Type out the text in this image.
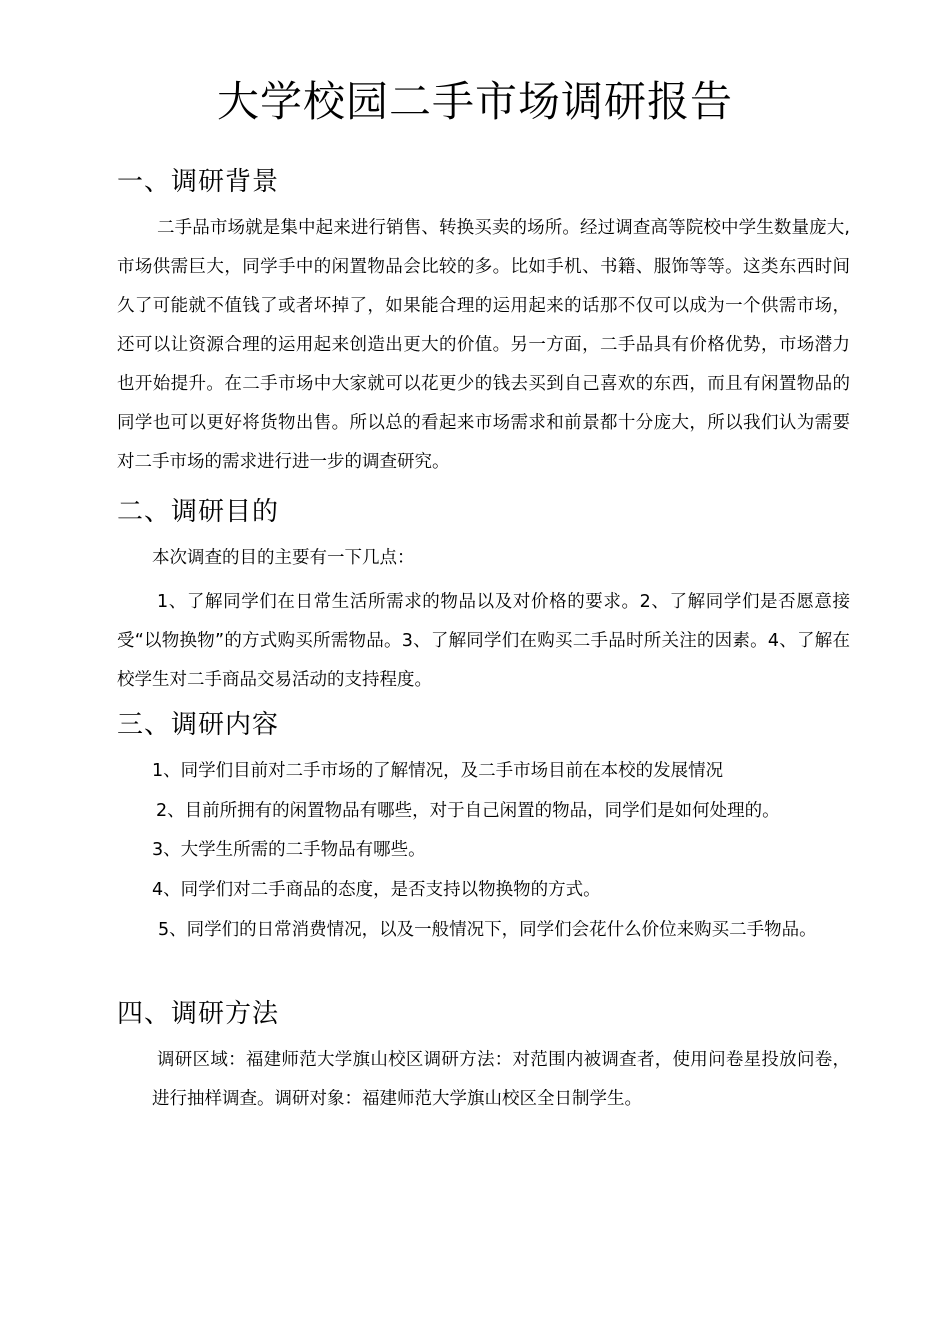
大学校园二手市场调研报告
一、调研背景

二手品市场就是集中起来进行销售、转换买卖的场所。经过调查高等院校中学生数量庞大, 市场供需巨大，同学手中的闲置物品会比较的多。比如手机、书籍、服饰等等。这类东西时间久了可能就不值钱了或者坏掉了，如果能合理的运用起来的话那不仅可以成为一个供需市场，还可以让资源合理的运用起来创造出更大的价值。另一方面，二手品具有价格优势，市场潜力也开始提升。在二手市场中大家就可以花更少的钱去买到自己喜欢的东西，而且有闲置物品的同学也可以更好将货物出售。所以总的看起来市场需求和前景都十分庞大，所以我们认为需要对二手市场的需求进行进一步的调查研究。

二、调研目的

本次调查的目的主要有一下几点：

1、了解同学们在日常生活所需求的物品以及对价格的要求。2、了解同学们是否愿意接受“以物换物”的方式购买所需物品。3、了解同学们在购买二手品时所关注的因素。4、了解在校学生对二手商品交易活动的支持程度。

三、调研内容

1、同学们目前对二手市场的了解情况，及二手市场目前在本校的发展情况

2、目前所拥有的闲置物品有哪些，对于自己闲置的物品，同学们是如何处理的。

3、大学生所需的二手物品有哪些。

4、同学们对二手商品的态度，是否支持以物换物的方式。

5、同学们的日常消费情况，以及一般情况下，同学们会花什么价位来购买二手物品。

四、调研方法

调研区域：福建师范大学旗山校区调研方法：对范围内被调查者，使用问卷星投放问卷，进行抽样调查。调研对象：福建师范大学旗山校区全日制学生。
